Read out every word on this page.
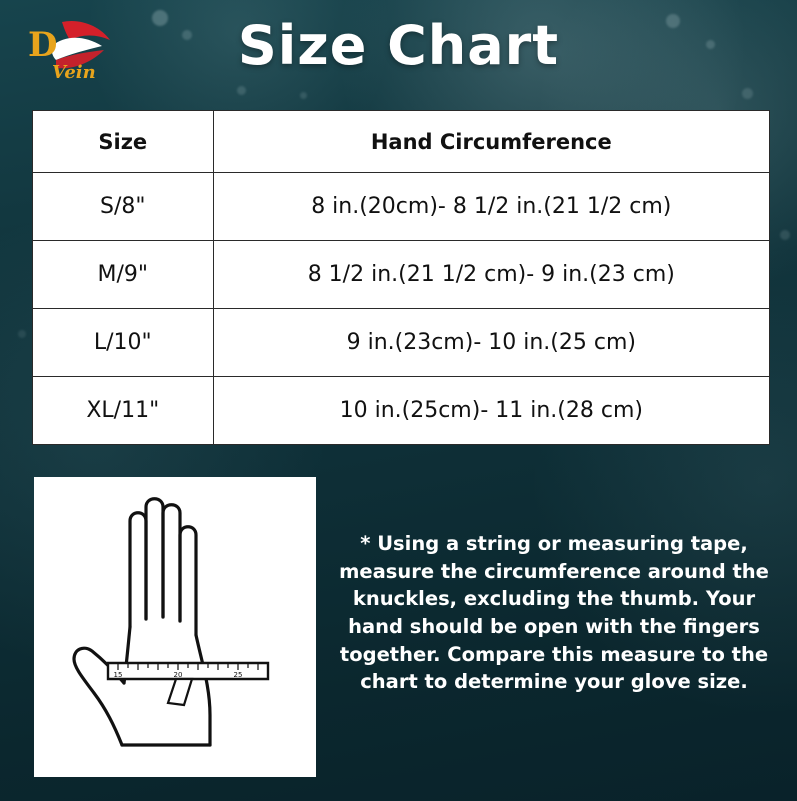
D
Vein	Size Chart
Size	Hand Circumference
S/8"	8 in.(20cm)- 8 1/2 in.(21 1/2 cm)
M/9"	8 1/2 in.(21 1/2 cm)- 9 in.(23 cm)
L/10"	9 in.(23cm)- 10 in.(25 cm)
XL/11"	10 in.(25cm)- 11 in.(28 cm)
15	20	25
* Using a string or measuring tape, measure the circumference around the knuckles, excluding the thumb. Your hand should be open with the fingers together. Compare this measure to the chart to determine your glove size.
